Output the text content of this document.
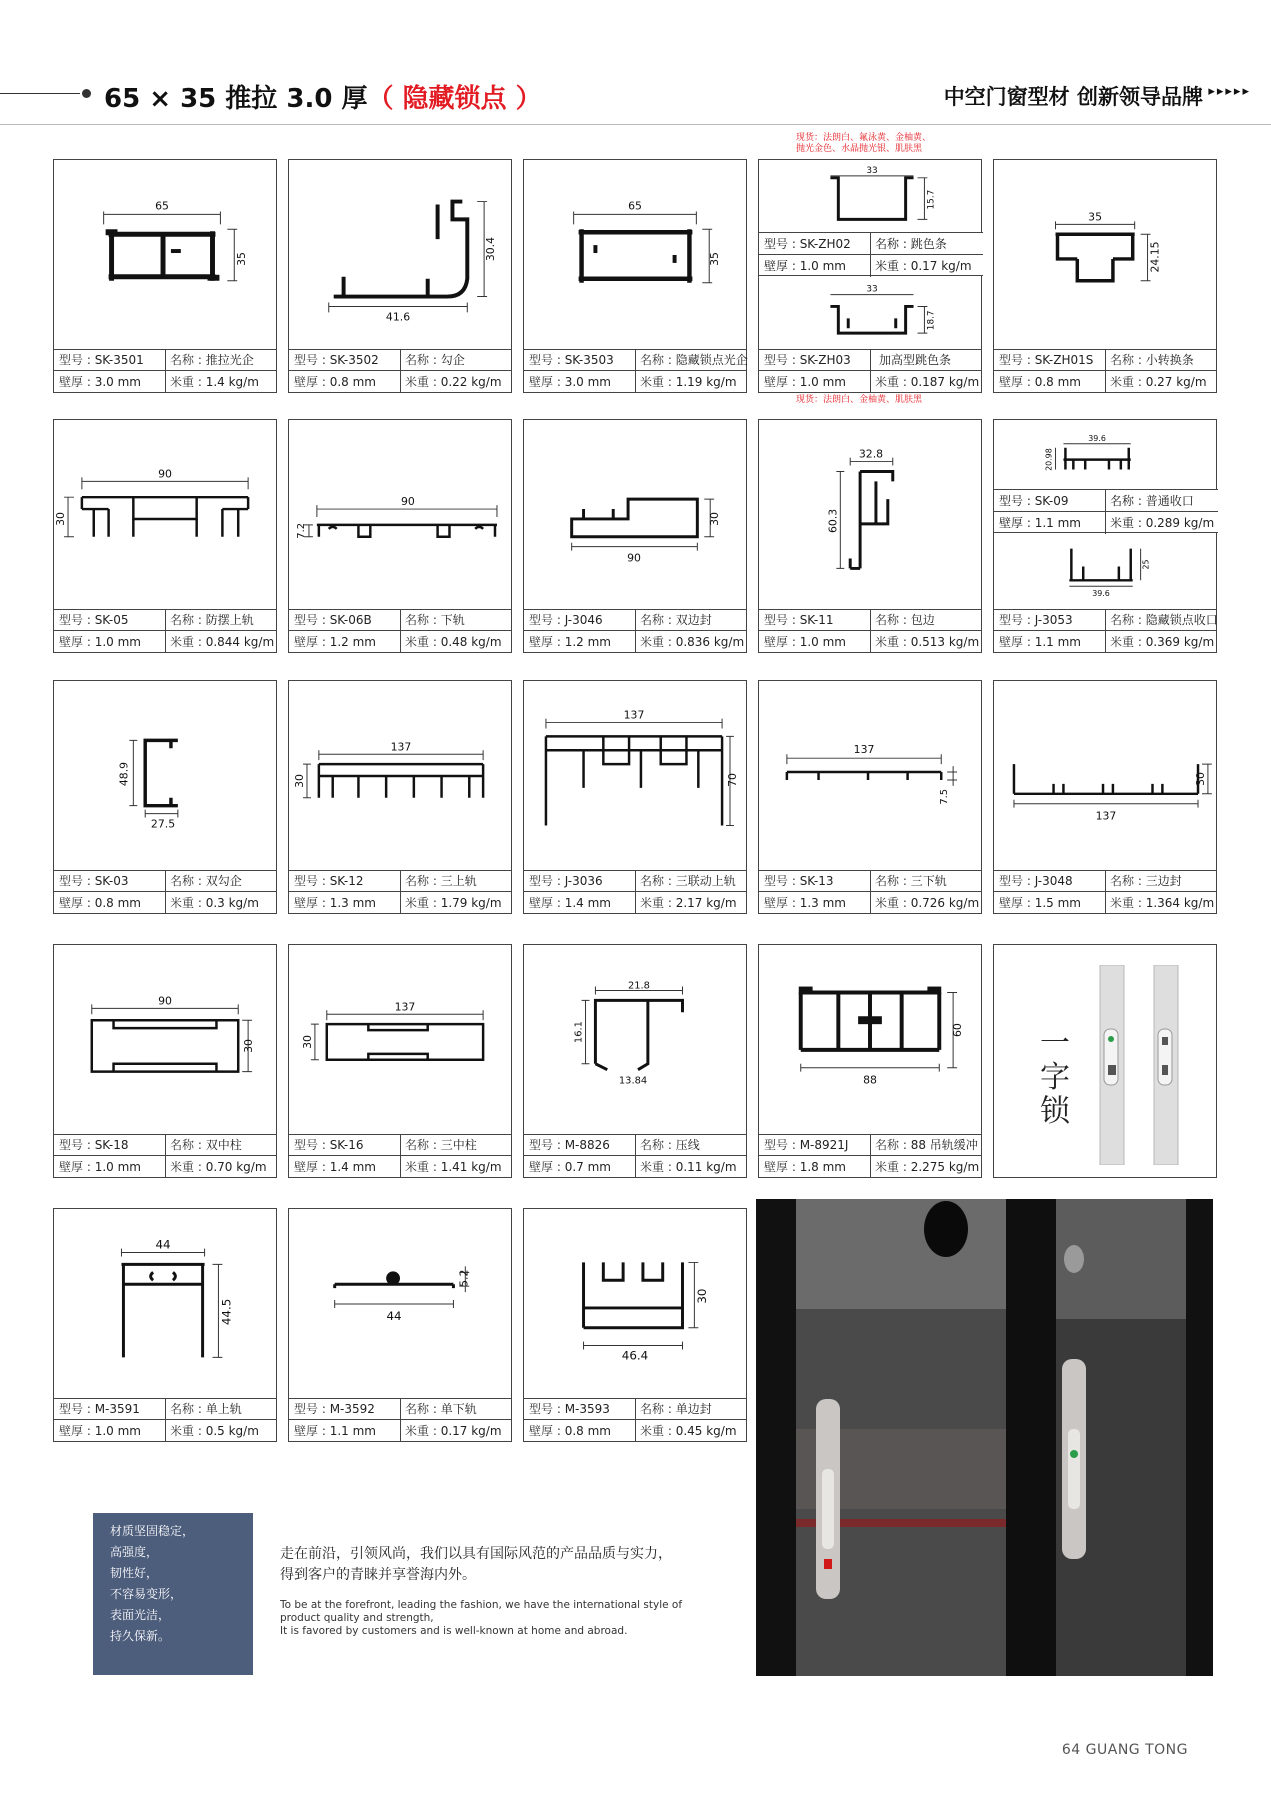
65 × 35 推拉 3.0 厚（ 隐藏锁点 ）	中空门窗型材 创新领导品牌 ▸▸▸▸▸
现货：法朗白、氟泳黄、金柚黄、
抛光金色、水晶抛光银、肌肤黑
现货：法朗白、金柚黄、肌肤黑
65
35
型号 : SK-3501	名称 : 推拉光企
壁厚 : 3.0 mm	米重 : 1.4 kg/m
41.6
30.4
型号 : SK-3502	名称 : 勾企
壁厚 : 0.8 mm	米重 : 0.22 kg/m
65
35
型号 : SK-3503	名称 : 隐藏锁点光企
壁厚 : 3.0 mm	米重 : 1.19 kg/m
33
15.7
33
18.7
型号 : SK-ZH02	名称 : 跳色条
壁厚 : 1.0 mm	米重 : 0.17 kg/m
型号 : SK-ZH03	加高型跳色条
壁厚 : 1.0 mm	米重 : 0.187 kg/m
35
24.15
型号 : SK-ZH01S	名称 : 小转换条
壁厚 : 0.8 mm	米重 : 0.27 kg/m
90
30
型号 : SK-05	名称 : 防摆上轨
壁厚 : 1.0 mm	米重 : 0.844 kg/m
90
7.2
型号 : SK-06B	名称 : 下轨
壁厚 : 1.2 mm	米重 : 0.48 kg/m
90
30
型号 : J-3046	名称 : 双边封
壁厚 : 1.2 mm	米重 : 0.836 kg/m
32.8
60.3
型号 : SK-11	名称 : 包边
壁厚 : 1.0 mm	米重 : 0.513 kg/m
39.6
20.98
39.6
25
型号 : SK-09	名称 : 普通收口
壁厚 : 1.1 mm	米重 : 0.289 kg/m
型号 : J-3053	名称 : 隐藏锁点收口
壁厚 : 1.1 mm	米重 : 0.369 kg/m
48.9
27.5
型号 : SK-03	名称 : 双勾企
壁厚 : 0.8 mm	米重 : 0.3 kg/m
137
30
型号 : SK-12	名称 : 三上轨
壁厚 : 1.3 mm	米重 : 1.79 kg/m
137
70
型号 : J-3036	名称 : 三联动上轨
壁厚 : 1.4 mm	米重 : 2.17 kg/m
137
7.5
型号 : SK-13	名称 : 三下轨
壁厚 : 1.3 mm	米重 : 0.726 kg/m
137
30
型号 : J-3048	名称 : 三边封
壁厚 : 1.5 mm	米重 : 1.364 kg/m
90
30
型号 : SK-18	名称 : 双中柱
壁厚 : 1.0 mm	米重 : 0.70 kg/m
137
30
型号 : SK-16	名称 : 三中柱
壁厚 : 1.4 mm	米重 : 1.41 kg/m
21.8
16.1
13.84
型号 : M-8826	名称 : 压线
壁厚 : 0.7 mm	米重 : 0.11 kg/m
88
60
型号 : M-8921J	名称 : 88 吊轨缓冲
壁厚 : 1.8 mm	米重 : 2.275 kg/m
一字锁
44
44.5
型号 : M-3591	名称 : 单上轨
壁厚 : 1.0 mm	米重 : 0.5 kg/m
44
5.2
型号 : M-3592	名称 : 单下轨
壁厚 : 1.1 mm	米重 : 0.17 kg/m
46.4
30
型号 : M-3593	名称 : 单边封
壁厚 : 0.8 mm	米重 : 0.45 kg/m
材质坚固稳定，
高强度，
韧性好，
不容易变形，
表面光洁，
持久保新。
走在前沿，引领风尚，我们以具有国际风范的产品品质与实力，
得到客户的青睐并享誉海内外。
To be at the forefront, leading the fashion, we have the international style of
product quality and strength,
It is favored by customers and is well-known at home and abroad.
64 GUANG TONG
